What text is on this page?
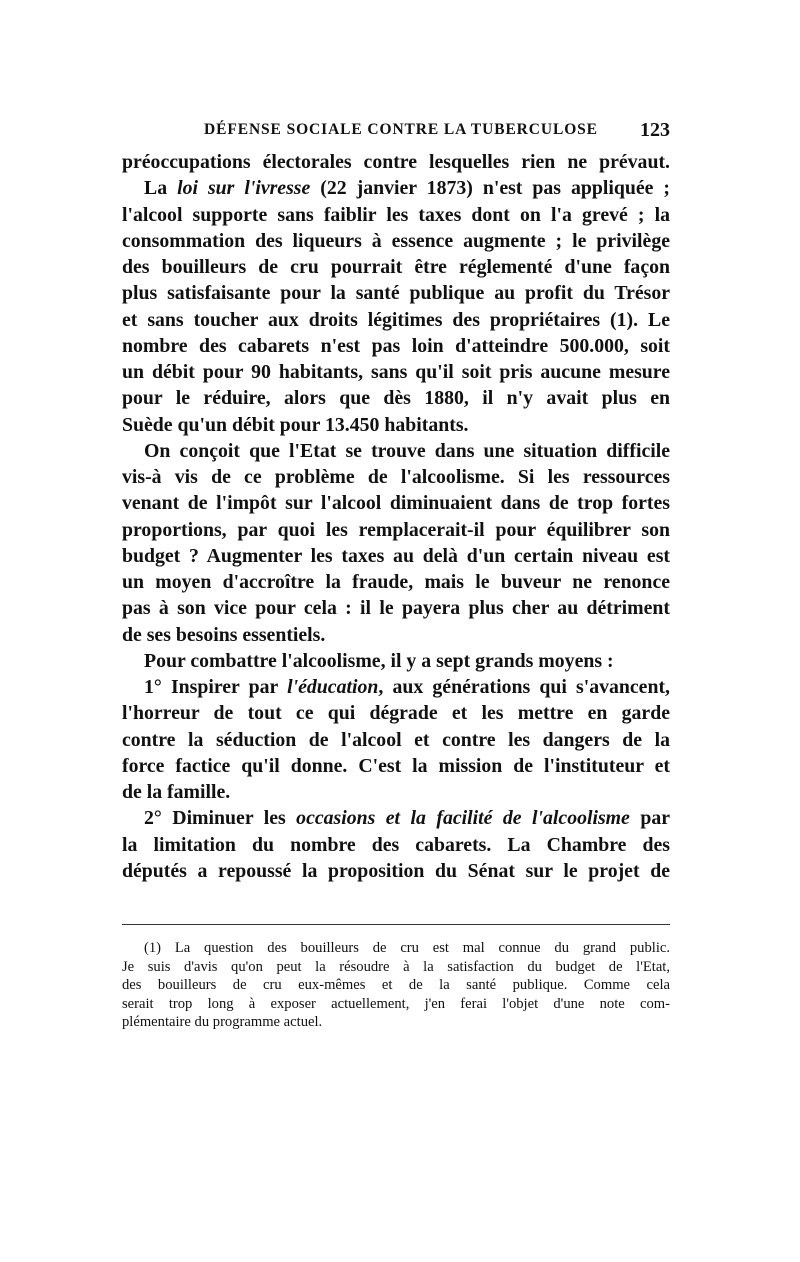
DÉFENSE SOCIALE CONTRE LA TUBERCULOSE 123
préoccupations électorales contre lesquelles rien ne prévaut.
La loi sur l'ivresse (22 janvier 1873) n'est pas appliquée ;
l'alcool supporte sans faiblir les taxes dont on l'a grevé ; la
consommation des liqueurs à essence augmente ; le privilège
des bouilleurs de cru pourrait être réglementé d'une façon
plus satisfaisante pour la santé publique au profit du Trésor
et sans toucher aux droits légitimes des propriétaires (1). Le
nombre des cabarets n'est pas loin d'atteindre 500.000, soit
un débit pour 90 habitants, sans qu'il soit pris aucune mesure
pour le réduire, alors que dès 1880, il n'y avait plus en
Suède qu'un débit pour 13.450 habitants.
On conçoit que l'Etat se trouve dans une situation difficile
vis-à vis de ce problème de l'alcoolisme. Si les ressources
venant de l'impôt sur l'alcool diminuaient dans de trop fortes
proportions, par quoi les remplacerait-il pour équilibrer son
budget ? Augmenter les taxes au delà d'un certain niveau est
un moyen d'accroître la fraude, mais le buveur ne renonce
pas à son vice pour cela : il le payera plus cher au détriment
de ses besoins essentiels.
Pour combattre l'alcoolisme, il y a sept grands moyens :
1° Inspirer par l'éducation, aux générations qui s'avancent,
l'horreur de tout ce qui dégrade et les mettre en garde
contre la séduction de l'alcool et contre les dangers de la
force factice qu'il donne. C'est la mission de l'instituteur et
de la famille.
2° Diminuer les occasions et la facilité de l'alcoolisme par
la limitation du nombre des cabarets. La Chambre des
députés a repoussé la proposition du Sénat sur le projet de
(1) La question des bouilleurs de cru est mal connue du grand public.
Je suis d'avis qu'on peut la résoudre à la satisfaction du budget de l'Etat,
des bouilleurs de cru eux-mêmes et de la santé publique. Comme cela
serait trop long à exposer actuellement, j'en ferai l'objet d'une note com-
plémentaire du programme actuel.
